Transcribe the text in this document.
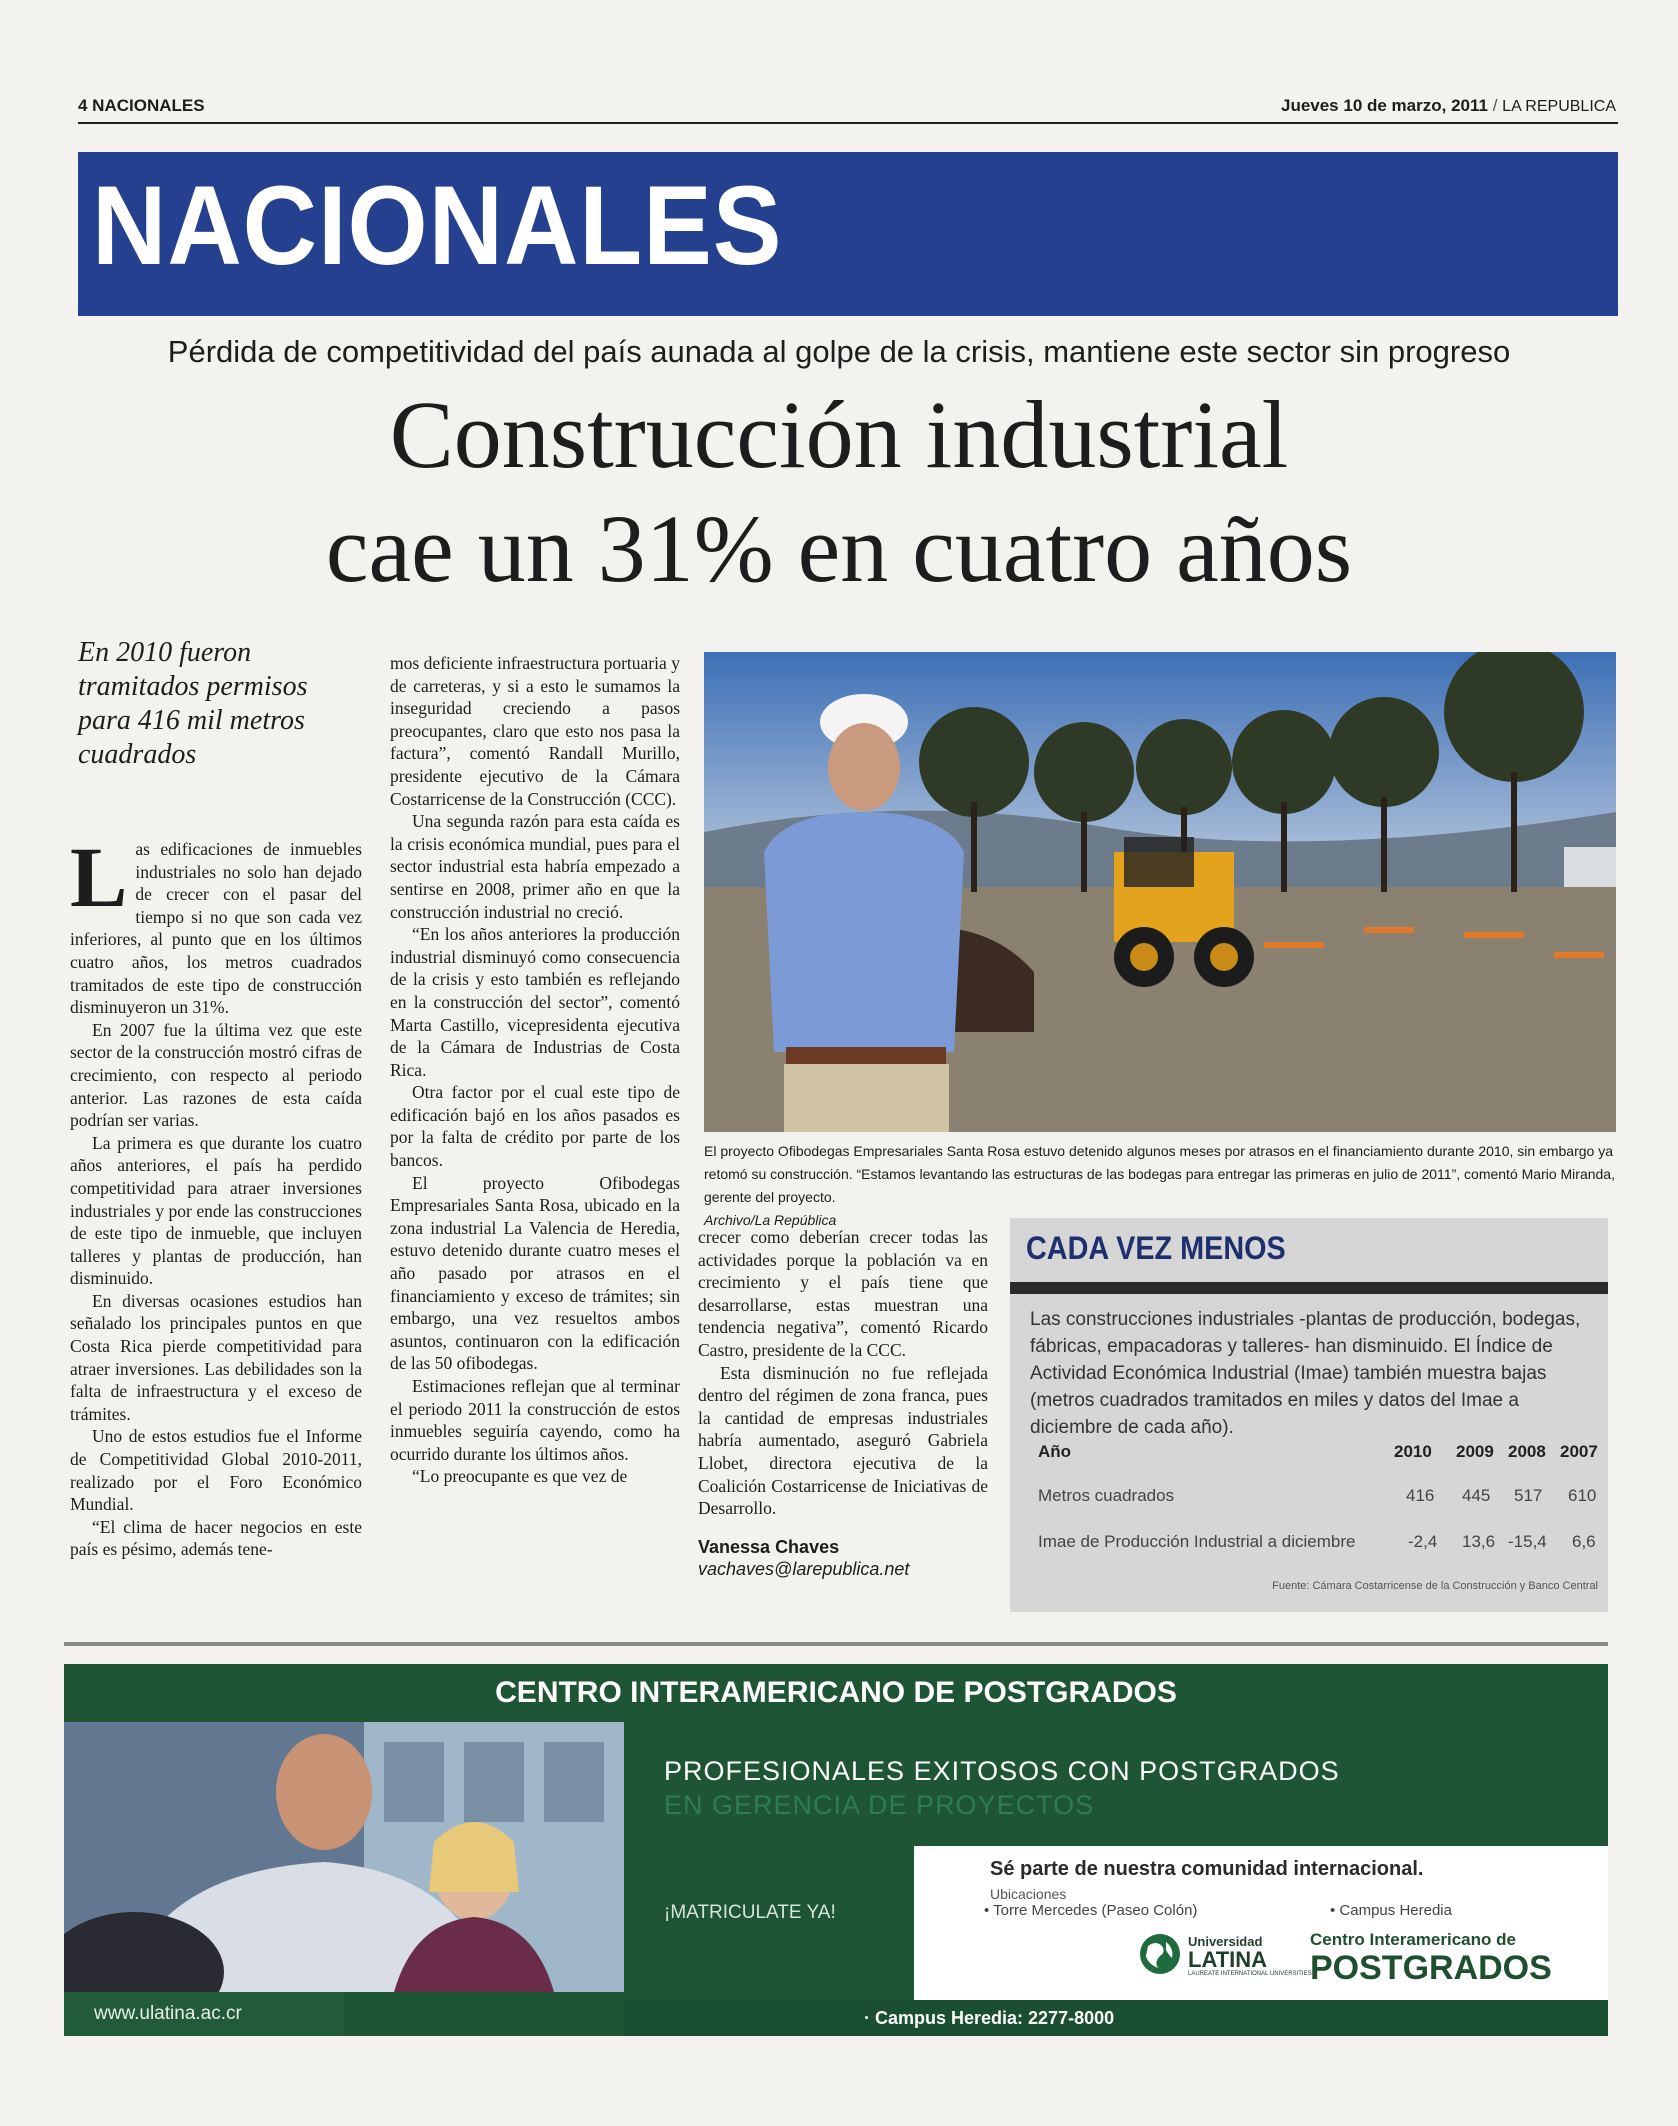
4 NACIONALES	Jueves 10 de marzo, 2011 / LA REPUBLICA
NACIONALES
Pérdida de competitividad del país aunada al golpe de la crisis, mantiene este sector sin progreso
Construcción industrial
cae un 31% en cuatro años
En 2010 fueron tramitados permisos para 416 mil metros cuadrados

Las edificaciones de inmuebles industriales no solo han dejado de crecer con el pasar del tiempo si no que son cada vez inferiores, al punto que en los últimos cuatro años, los metros cuadrados tramitados de este tipo de construcción disminuyeron un 31%.

En 2007 fue la última vez que este sector de la construcción mostró cifras de crecimiento, con respecto al periodo anterior. Las razones de esta caída podrían ser varias.

La primera es que durante los cuatro años anteriores, el país ha perdido competitividad para atraer inversiones industriales y por ende las construcciones de este tipo de inmueble, que incluyen talleres y plantas de producción, han disminuido.

En diversas ocasiones estudios han señalado los principales puntos en que Costa Rica pierde competitividad para atraer inversiones. Las debilidades son la falta de infraestructura y el exceso de trámites.

Uno de estos estudios fue el Informe de Competitividad Global 2010-2011, realizado por el Foro Económico Mundial.

“El clima de hacer negocios en este país es pésimo, además tene-

mos deficiente infraestructura portuaria y de carreteras, y si a esto le sumamos la inseguridad creciendo a pasos preocupantes, claro que esto nos pasa la factura”, comentó Randall Murillo, presidente ejecutivo de la Cámara Costarricense de la Construcción (CCC).

Una segunda razón para esta caída es la crisis económica mundial, pues para el sector industrial esta habría empezado a sentirse en 2008, primer año en que la construcción industrial no creció.

“En los años anteriores la producción industrial disminuyó como consecuencia de la crisis y esto también es reflejando en la construcción del sector”, comentó Marta Castillo, vicepresidenta ejecutiva de la Cámara de Industrias de Costa Rica.

Otra factor por el cual este tipo de edificación bajó en los años pasados es por la falta de crédito por parte de los bancos.

El proyecto Ofibodegas Empresariales Santa Rosa, ubicado en la zona industrial La Valencia de Heredia, estuvo detenido durante cuatro meses el año pasado por atrasos en el financiamiento y exceso de trámites; sin embargo, una vez resueltos ambos asuntos, continuaron con la edificación de las 50 ofibodegas.

Estimaciones reflejan que al terminar el periodo 2011 la construcción de estos inmuebles seguiría cayendo, como ha ocurrido durante los últimos años.

“Lo preocupante es que vez de

El proyecto Ofibodegas Empresariales Santa Rosa estuvo detenido algunos meses por atrasos en el financiamiento durante 2010, sin embargo ya retomó su construcción. “Estamos levantando las estructuras de las bodegas para entregar las primeras en julio de 2011”, comentó Mario Miranda, gerente del proyecto.
Archivo/La República

crecer como deberían crecer todas las actividades porque la población va en crecimiento y el país tiene que desarrollarse, estas muestran una tendencia negativa”, comentó Ricardo Castro, presidente de la CCC.

Esta disminución no fue reflejada dentro del régimen de zona franca, pues la cantidad de empresas industriales habría aumentado, aseguró Gabriela Llobet, directora ejecutiva de la Coalición Costarricense de Iniciativas de Desarrollo.

Vanessa Chaves
vachaves@larepublica.net
CADA VEZ MENOS
Las construcciones industriales -plantas de producción, bodegas, fábricas, empacadoras y talleres- han disminuido. El Índice de Actividad Económica Industrial (Imae) también muestra bajas (metros cuadrados tramitados en miles y datos del Imae a diciembre de cada año).
Año	2010 2009 2008 2007
Metros cuadrados	416 445 517 610
Imae de Producción Industrial a diciembre	-2,4 13,6 -15,4 6,6
Fuente: Cámara Costarricense de la Construcción y Banco Central
CENTRO INTERAMERICANO DE POSTGRADOS
www.ulatina.ac.cr
PROFESIONALES EXITOSOS CON POSTGRADOS
EN GERENCIA DE PROYECTOS
¡MATRICULATE YA!
Sé parte de nuestra comunidad internacional.
Ubicaciones
• Torre Mercedes (Paseo Colón)	• Campus Heredia
Universidad
LATINA
LAUREATE INTERNATIONAL UNIVERSITIES
Centro Interamericano de
POSTGRADOS
· Campus Heredia: 2277-8000
